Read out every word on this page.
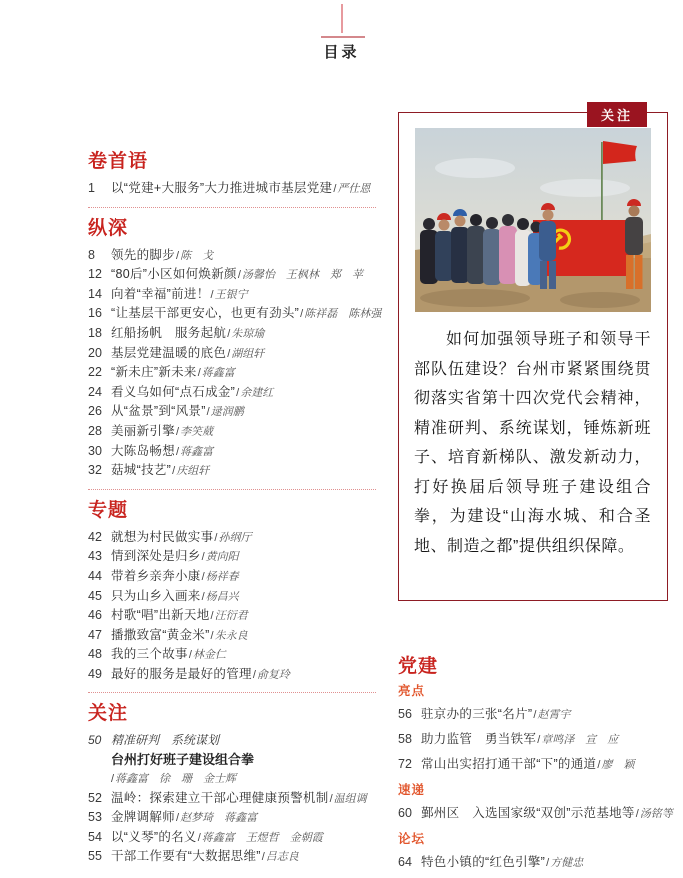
目录
卷首语
1 以“党建+大服务”大力推进城市基层党建 / 严仕恩
纵深
8 领先的脚步 / 陈　戈
12 “80后”小区如何焕新颜 / 汤馨怡　王枫林　郑　苹
14 向着“幸福”前进！ / 王银宁
16 “让基层干部更安心，也更有劲头” / 陈祥磊　陈林强
18 红船扬帆　服务起航 / 朱琼瑜
20 基层党建温暖的底色 / 湖组轩
22 “新未庄”新未来 / 蒋鑫富
24 看义乌如何“点石成金” / 余建红
26 从“盆景”到“风景” / 逯润鹏
28 美丽新引擎 / 李笑葳
30 大陈岛畅想 / 蒋鑫富
32 菇城“技艺” / 庆组轩
专题
42 就想为村民做实事 / 孙纲厅
43 情到深处是归乡 / 黄向阳
44 带着乡亲奔小康 / 杨祥春
45 只为山乡入画来 / 杨昌兴
46 村歌“唱”出新天地 / 汪衍君
47 播撒致富“黄金米” / 朱永良
48 我的三个故事 / 林金仁
49 最好的服务是最好的管理 / 俞复玲
关注
50 精准研判　系统谋划
台州打好班子建设组合拳
/ 蒋鑫富　徐　珊　金士辉
52 温岭：探索建立干部心理健康预警机制 / 温组调
53 金牌调解师 / 赵梦琦　蒋鑫富
54 以“义琴”的名义 / 蒋鑫富　王煜哲　金朝霞
55 干部工作要有“大数据思维” / 吕志良
关注

如何加强领导班子和领导干部队伍建设？台州市紧紧围绕贯彻落实省第十四次党代会精神，精准研判、系统谋划，锤炼新班子、培育新梯队、激发新动力，打好换届后领导班子建设组合拳，为建设“山海水城、和合圣地、制造之都”提供组织保障。

党建
亮点
56 驻京办的三张“名片” / 赵霄宇
58 助力监管　勇当铁军 / 章鸣泽　宣　应
72 常山出实招打通干部“下”的通道 / 廖　颖
速递
60 鄞州区　入选国家级“双创”示范基地等 / 汤铭等
论坛
64 特色小镇的“红色引擎” / 方健忠
